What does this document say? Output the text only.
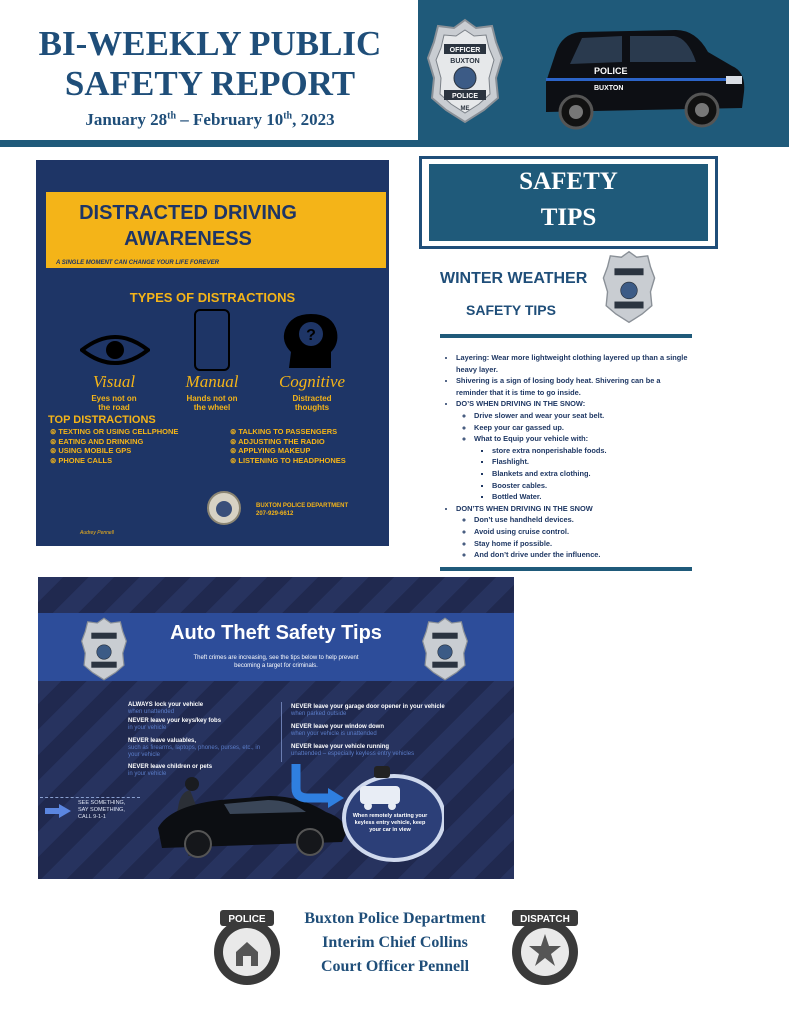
BI-WEEKLY PUBLIC
SAFETY REPORT
January 28th – February 10th, 2023
OFFICER
BUXTON
POLICE
ME
POLICE
BUXTON
DISTRACTED DRIVING
AWARENESS
A SINGLE MOMENT CAN CHANGE YOUR LIFE FOREVER
TYPES OF DISTRACTIONS
?
Visual	Manual	Cognitive
Eyes not on
the road
Hands not on
the wheel
Distracted
thoughts
TOP DISTRACTIONS
⊚ TEXTING OR USING CELLPHONE
⊚ EATING AND DRINKING
⊚ USING MOBILE GPS
⊚ PHONE CALLS
⊚ TALKING TO PASSENGERS
⊚ ADJUSTING THE RADIO
⊚ APPLYING MAKEUP
⊚ LISTENING TO HEADPHONES
BUXTON POLICE DEPARTMENT
207-929-6612
Audrey Pennell
SAFETY
TIPS
WINTER WEATHER
SAFETY TIPS
• Layering: Wear more lightweight clothing layered up than a single heavy layer.
• Shivering is a sign of losing body heat. Shivering can be a reminder that it is time to go inside.
• DO’S WHEN DRIVING IN THE SNOW:
◦ Drive slower and wear your seat belt.
◦ Keep your car gassed up.
◦ What to Equip your vehicle with:
▪ store extra nonperishable foods.
▪ Flashlight.
▪ Blankets and extra clothing.
▪ Booster cables.
▪ Bottled Water.
• DON’TS WHEN DRIVING IN THE SNOW
◦ Don’t use handheld devices.
◦ Avoid using cruise control.
◦ Stay home if possible.
◦ And don’t drive under the influence.
Auto Theft Safety Tips
Theft crimes are increasing, see the tips below to help prevent becoming a target for criminals.
ALWAYS lock your vehicle
when unattended
NEVER leave your keys/key fobs
in your vehicle
NEVER leave valuables,
such as firearms, laptops, phones, purses, etc., in your vehicle
NEVER leave children or pets
in your vehicle
NEVER leave your garage door opener in your vehicle
when parked outside
NEVER leave your window down
when your vehicle is unattended
NEVER leave your vehicle running
unattended – especially keyless entry vehicles
SEE SOMETHING,
SAY SOMETHING,
CALL 9-1-1	When remotely starting your keyless entry vehicle, keep your car in view
POLICE	Buxton Police Department
Interim Chief Collins
Court Officer Pennell
DISPATCH
